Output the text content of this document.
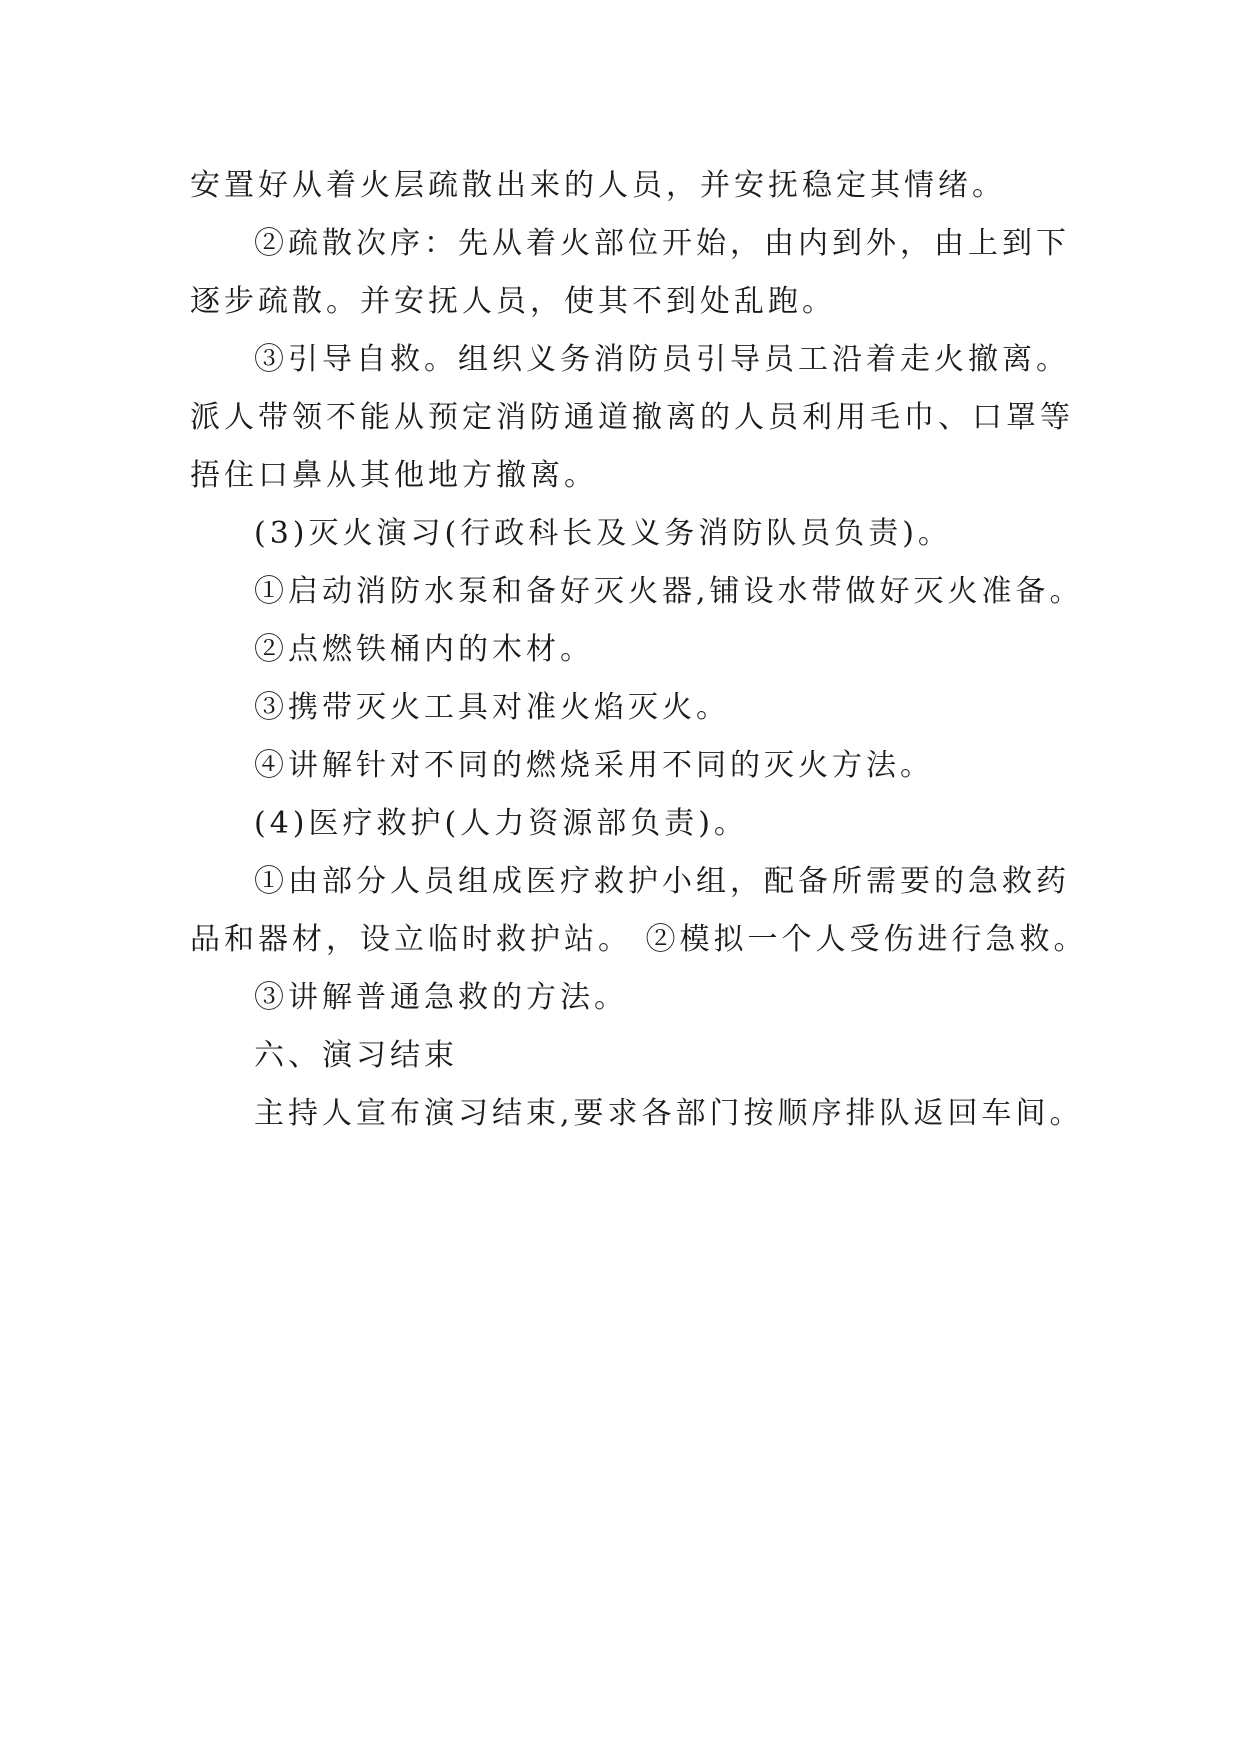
安置好从着火层疏散出来的人员，并安抚稳定其情绪。
②疏散次序：先从着火部位开始，由内到外，由上到下
逐步疏散。并安抚人员，使其不到处乱跑。
③引导自救。组织义务消防员引导员工沿着走火撤离。
派人带领不能从预定消防通道撤离的人员利用毛巾、口罩等
捂住口鼻从其他地方撤离。
(3)灭火演习(行政科长及义务消防队员负责)。
①启动消防水泵和备好灭火器,铺设水带做好灭火准备。
②点燃铁桶内的木材。
③携带灭火工具对准火焰灭火。
④讲解针对不同的燃烧采用不同的灭火方法。
(4)医疗救护(人力资源部负责)。
①由部分人员组成医疗救护小组，配备所需要的急救药
品和器材，设立临时救护站。 ②模拟一个人受伤进行急救。
③讲解普通急救的方法。
六、演习结束
主持人宣布演习结束,要求各部门按顺序排队返回车间。
